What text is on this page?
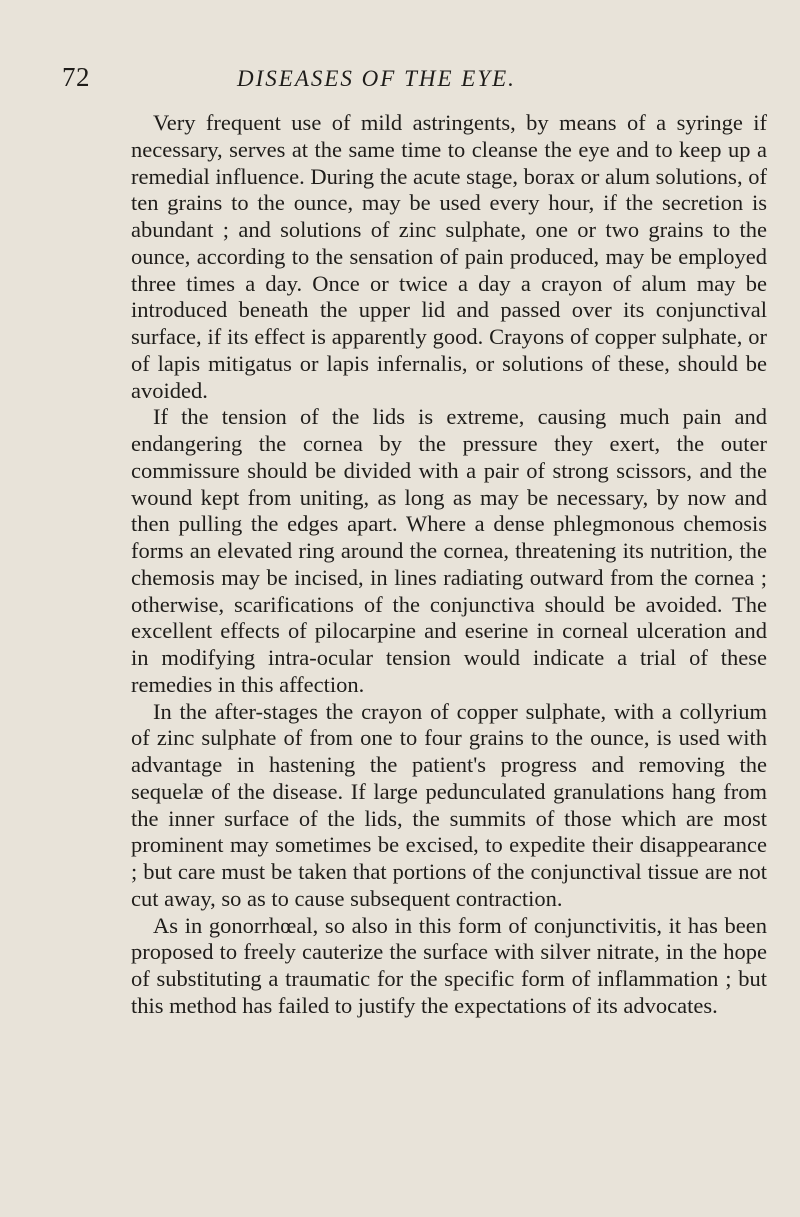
72	DISEASES OF THE EYE.

Very frequent use of mild astringents, by means of a syringe if necessary, serves at the same time to cleanse the eye and to keep up a remedial influence. During the acute stage, borax or alum solutions, of ten grains to the ounce, may be used every hour, if the secretion is abundant ; and solutions of zinc sulphate, one or two grains to the ounce, according to the sensation of pain produced, may be employed three times a day. Once or twice a day a crayon of alum may be introduced beneath the upper lid and passed over its conjunctival surface, if its effect is apparently good. Crayons of copper sulphate, or of lapis mitigatus or lapis infernalis, or solutions of these, should be avoided.

If the tension of the lids is extreme, causing much pain and endangering the cornea by the pressure they exert, the outer commissure should be divided with a pair of strong scissors, and the wound kept from uniting, as long as may be necessary, by now and then pulling the edges apart. Where a dense phlegmonous chemosis forms an elevated ring around the cornea, threatening its nutrition, the chemosis may be incised, in lines radiating outward from the cornea ; otherwise, scarifications of the conjunctiva should be avoided. The excellent effects of pilocarpine and eserine in corneal ulceration and in modifying intra-ocular tension would indicate a trial of these remedies in this affection.

In the after-stages the crayon of copper sulphate, with a collyrium of zinc sulphate of from one to four grains to the ounce, is used with advantage in hastening the patient's progress and removing the sequelæ of the disease. If large pedunculated granulations hang from the inner surface of the lids, the summits of those which are most prominent may sometimes be excised, to expedite their disappearance ; but care must be taken that portions of the conjunctival tissue are not cut away, so as to cause subsequent contraction.

As in gonorrhœal, so also in this form of conjunctivitis, it has been proposed to freely cauterize the surface with silver nitrate, in the hope of substituting a traumatic for the specific form of inflammation ; but this method has failed to justify the expectations of its advocates.
